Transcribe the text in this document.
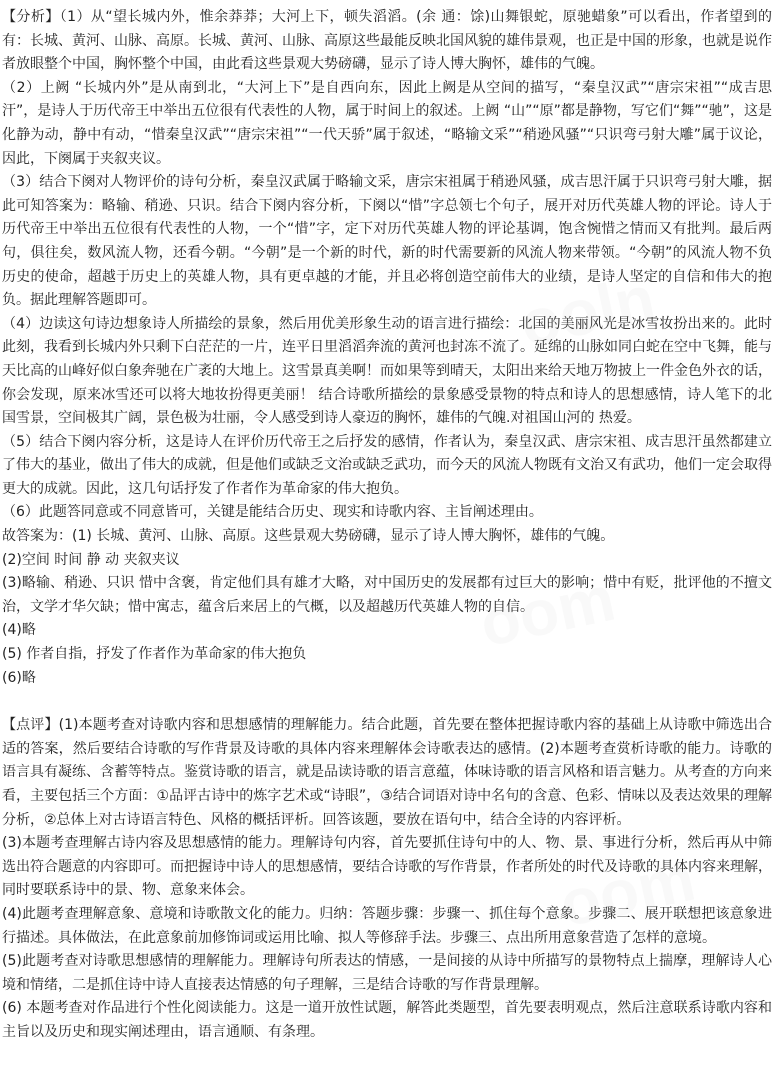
ooln
oom
oom

【分析】（1）从“望长城内外，惟余莽莽；大河上下，顿失滔滔。(余 通：馀)山舞银蛇，原驰蜡象”可以看出，作者望到的有：长城、黄河、山脉、高原。长城、黄河、山脉、高原这些最能反映北国风貌的雄伟景观，也正是中国的形象，也就是说作者放眼整个中国，胸怀整个中国，由此看这些景观大势磅礴，显示了诗人博大胸怀，雄伟的气魄。

（2）上阙 “长城内外”是从南到北，“大河上下”是自西向东，因此上阙是从空间的描写，“秦皇汉武”“唐宗宋祖”“成吉思汗”，是诗人于历代帝王中举出五位很有代表性的人物，属于时间上的叙述。上阙 “山”“原”都是静物，写它们“舞”“驰”，这是化静为动，静中有动，“惜秦皇汉武”“唐宗宋祖”“一代天骄”属于叙述，“略输文采”“稍逊风骚”“只识弯弓射大雕”属于议论，因此，下阕属于夹叙夹议。

（3）结合下阕对人物评价的诗句分析，秦皇汉武属于略输文采，唐宗宋祖属于稍逊风骚，成吉思汗属于只识弯弓射大雕，据此可知答案为：略输、稍逊、只识。结合下阕内容分析，下阕以“惜”字总领七个句子，展开对历代英雄人物的评论。诗人于历代帝王中举出五位很有代表性的人物，一个“惜”字，定下对历代英雄人物的评论基调，饱含惋惜之情而又有批判。最后两句，俱往矣，数风流人物，还看今朝。“今朝”是一个新的时代，新的时代需要新的风流人物来带领。“今朝”的风流人物不负历史的使命，超越于历史上的英雄人物，具有更卓越的才能，并且必将创造空前伟大的业绩，是诗人坚定的自信和伟大的抱负。据此理解答题即可。

（4）边读这句诗边想象诗人所描绘的景象，然后用优美形象生动的语言进行描绘：北国的美丽风光是冰雪妆扮出来的。此时此刻，我看到长城内外只剩下白茫茫的一片，连平日里滔滔奔流的黄河也封冻不流了。延绵的山脉如同白蛇在空中飞舞，能与天比高的山峰好似白象奔驰在广袤的大地上。这雪景真美啊！而如果等到晴天，太阳出来给天地万物披上一件金色外衣的话，你会发现，原来冰雪还可以将大地妆扮得更美丽！ 结合诗歌所描绘的景象感受景物的特点和诗人的思想感情，诗人笔下的北国雪景，空间极其广阔，景色极为壮丽，令人感受到诗人豪迈的胸怀，雄伟的气魄.对祖国山河的 热爱。

（5）结合下阕内容分析，这是诗人在评价历代帝王之后抒发的感情，作者认为，秦皇汉武、唐宗宋祖、成吉思汗虽然都建立了伟大的基业，做出了伟大的成就，但是他们或缺乏文治或缺乏武功，而今天的风流人物既有文治又有武功，他们一定会取得更大的成就。因此，这几句话抒发了作者作为革命家的伟大抱负。

（6）此题答同意或不同意皆可，关键是能结合历史、现实和诗歌内容、主旨阐述理由。

故答案为：(1) 长城、黄河、山脉、高原。这些景观大势磅礴，显示了诗人博大胸怀，雄伟的气魄。

(2)空间 时间 静 动 夹叙夹议

(3)略输、稍逊、只识 惜中含褒，肯定他们具有雄才大略，对中国历史的发展都有过巨大的影响；惜中有贬，批评他的不擅文治，文学才华欠缺；惜中寓志，蕴含后来居上的气概，以及超越历代英雄人物的自信。

(4)略

(5) 作者自指，抒发了作者作为革命家的伟大抱负

(6)略

【点评】(1)本题考查对诗歌内容和思想感情的理解能力。结合此题，首先要在整体把握诗歌内容的基础上从诗歌中筛选出合适的答案，然后要结合诗歌的写作背景及诗歌的具体内容来理解体会诗歌表达的感情。(2)本题考查赏析诗歌的能力。诗歌的语言具有凝练、含蓄等特点。鉴赏诗歌的语言，就是品读诗歌的语言意蕴，体味诗歌的语言风格和语言魅力。从考查的方向来看，主要包括三个方面：①品评古诗中的炼字艺术或“诗眼”，③结合词语对诗中名句的含意、色彩、情味以及表达效果的理解分析，②总体上对古诗语言特色、风格的概括评析。回答该题，要放在语句中，结合全诗的内容评析。

(3)本题考查理解古诗内容及思想感情的能力。理解诗句内容，首先要抓住诗句中的人、物、景、事进行分析，然后再从中筛选出符合题意的内容即可。而把握诗中诗人的思想感情，要结合诗歌的写作背景，作者所处的时代及诗歌的具体内容来理解，同时要联系诗中的景、物、意象来体会。

(4)此题考查理解意象、意境和诗歌散文化的能力。归纳：答题步骤：步骤一、抓住每个意象。步骤二、展开联想把该意象进行描述。具体做法，在此意象前加修饰词或运用比喻、拟人等修辞手法。步骤三、点出所用意象营造了怎样的意境。

(5)此题考查对诗歌思想感情的理解能力。理解诗句所表达的情感，一是间接的从诗中所描写的景物特点上揣摩，理解诗人心境和情绪，二是抓住诗中诗人直接表达情感的句子理解，三是结合诗歌的写作背景理解。

(6) 本题考查对作品进行个性化阅读能力。这是一道开放性试题，解答此类题型，首先要表明观点，然后注意联系诗歌内容和主旨以及历史和现实阐述理由，语言通顺、有条理。
